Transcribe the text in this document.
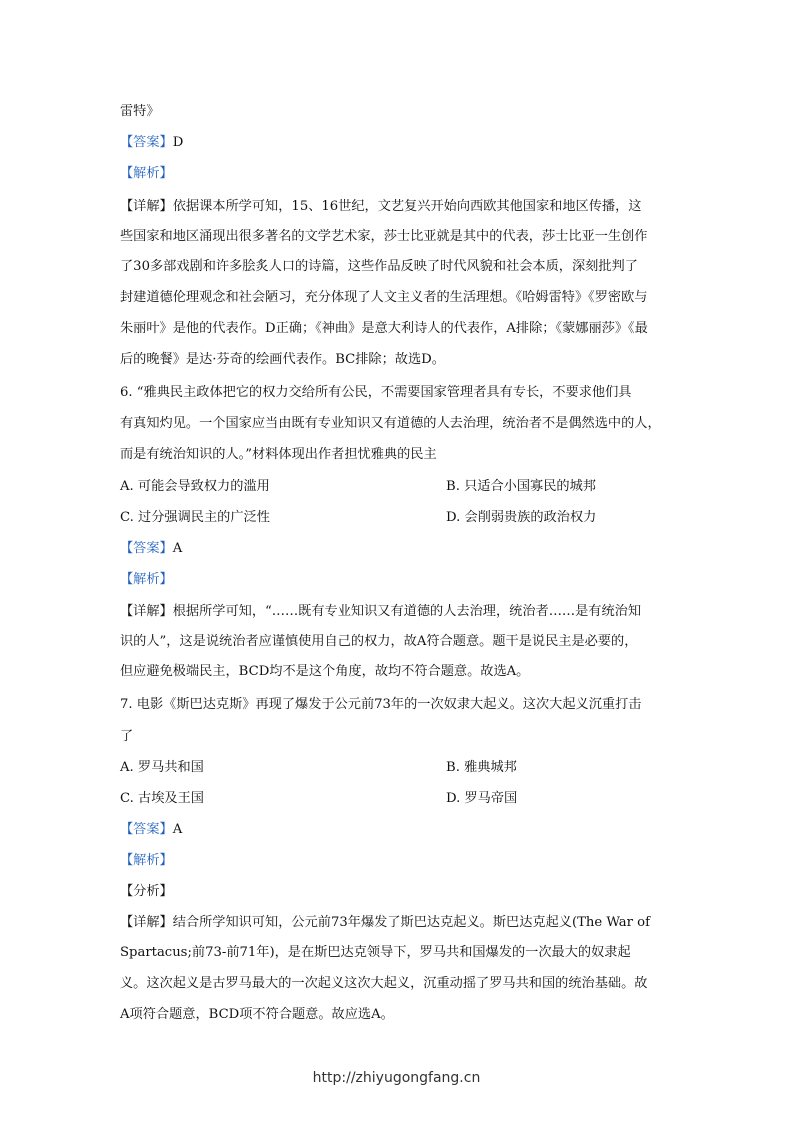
雷特》
【答案】D
【解析】
【详解】依据课本所学可知，15、16世纪，文艺复兴开始向西欧其他国家和地区传播，这
些国家和地区涌现出很多著名的文学艺术家，莎士比亚就是其中的代表，莎士比亚一生创作
了30多部戏剧和许多脍炙人口的诗篇，这些作品反映了时代风貌和社会本质，深刻批判了
封建道德伦理观念和社会陋习，充分体现了人文主义者的生活理想。《哈姆雷特》《罗密欧与
朱丽叶》是他的代表作。D正确；《神曲》是意大利诗人的代表作，A排除；《蒙娜丽莎》《最
后的晚餐》是达·芬奇的绘画代表作。BC排除；故选D。
6. “雅典民主政体把它的权力交给所有公民，不需要国家管理者具有专长，不要求他们具
有真知灼见。一个国家应当由既有专业知识又有道德的人去治理，统治者不是偶然选中的人，
而是有统治知识的人。”材料体现出作者担忧雅典的民主
A. 可能会导致权力的滥用	B. 只适合小国寡民的城邦
C. 过分强调民主的广泛性	D. 会削弱贵族的政治权力
【答案】A
【解析】
【详解】根据所学可知，“……既有专业知识又有道德的人去治理，统治者……是有统治知
识的人”，这是说统治者应谨慎使用自己的权力，故A符合题意。题干是说民主是必要的，
但应避免极端民主，BCD均不是这个角度，故均不符合题意。故选A。
7. 电影《斯巴达克斯》再现了爆发于公元前73年的一次奴隶大起义。这次大起义沉重打击
了
A. 罗马共和国	B. 雅典城邦
C. 古埃及王国	D. 罗马帝国
【答案】A
【解析】
【分析】
【详解】结合所学知识可知，公元前73年爆发了斯巴达克起义。斯巴达克起义(The War of
Spartacus;前73-前71年)，是在斯巴达克领导下，罗马共和国爆发的一次最大的奴隶起
义。这次起义是古罗马最大的一次起义这次大起义，沉重动摇了罗马共和国的统治基础。故
A项符合题意，BCD项不符合题意。故应选A。
http://zhiyugongfang.cn
